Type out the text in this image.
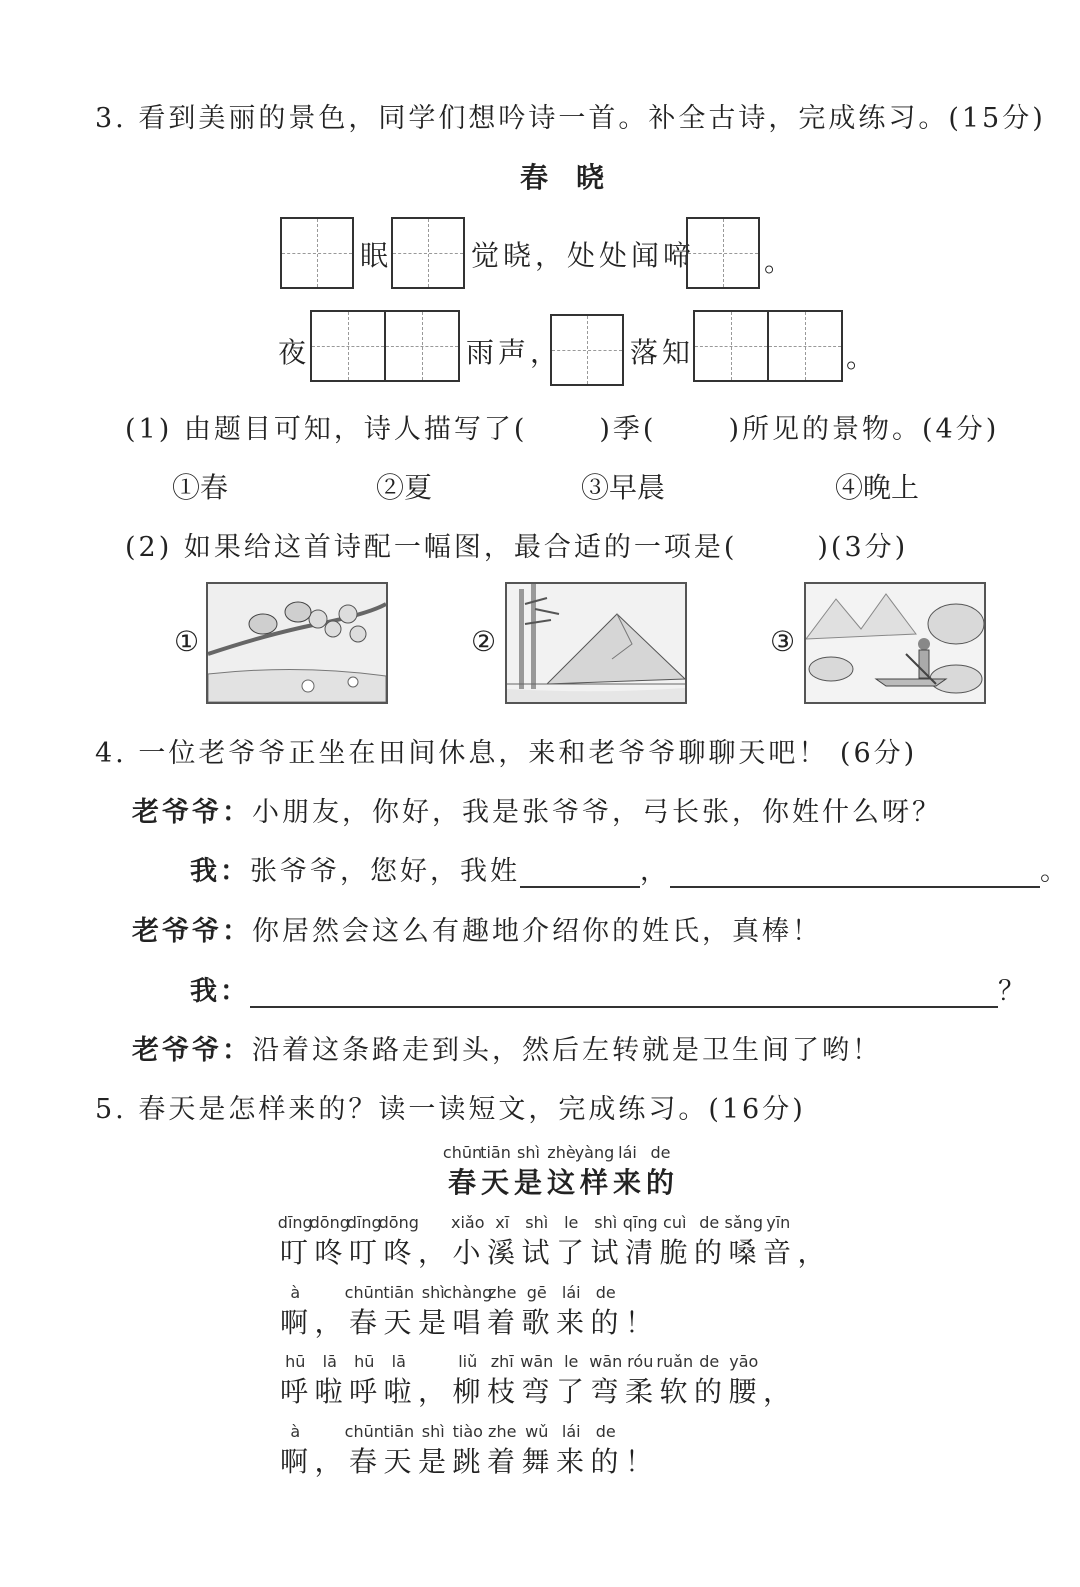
3. 看到美丽的景色，同学们想吟诗一首。补全古诗，完成练习。(15分)
春晓
眠	觉晓，处处闻啼 。
夜	雨声， 落知	。
(1) 由题目可知，诗人描写了(	)季(	)所见的景物。(4分)
①春	②夏	③早晨	④晚上
(2) 如果给这首诗配一幅图，最合适的一项是(	)(3分)
①	②	③
4. 一位老爷爷正坐在田间休息，来和老爷爷聊聊天吧！ (6分)
老爷爷：小朋友，你好，我是张爷爷，弓长张，你姓什么呀？
我：张爷爷，您好，我姓	，	。
老爷爷：你居然会这么有趣地介绍你的姓氏，真棒！
我：	？
老爷爷：沿着这条路走到头，然后左转就是卫生间了哟！
5. 春天是怎样来的？读一读短文，完成练习。(16分)
chūn
春
tiān
天
shì
是
zhè
这
yàng
样
lái
来
de
的
dīng
叮
dōng
咚
dīng
叮
dōng
咚 ，
xiǎo
小
xī
溪
shì
试
le
了
shì
试
qīng
清
cuì
脆
de
的
sǎng
嗓
yīn
音 ，
à
啊 ，
chūn
春
tiān
天
shì
是
chàng
唱
zhe
着
gē
歌
lái
来
de
的 ！
hū
呼
lā
啦
hū
呼
lā
啦 ，
liǔ
柳
zhī
枝
wān
弯
le
了
wān
弯
róu
柔
ruǎn
软
de
的
yāo
腰 ，
à
啊 ，
chūn
春
tiān
天
shì
是
tiào
跳
zhe
着
wǔ
舞
lái
来
de
的 ！
